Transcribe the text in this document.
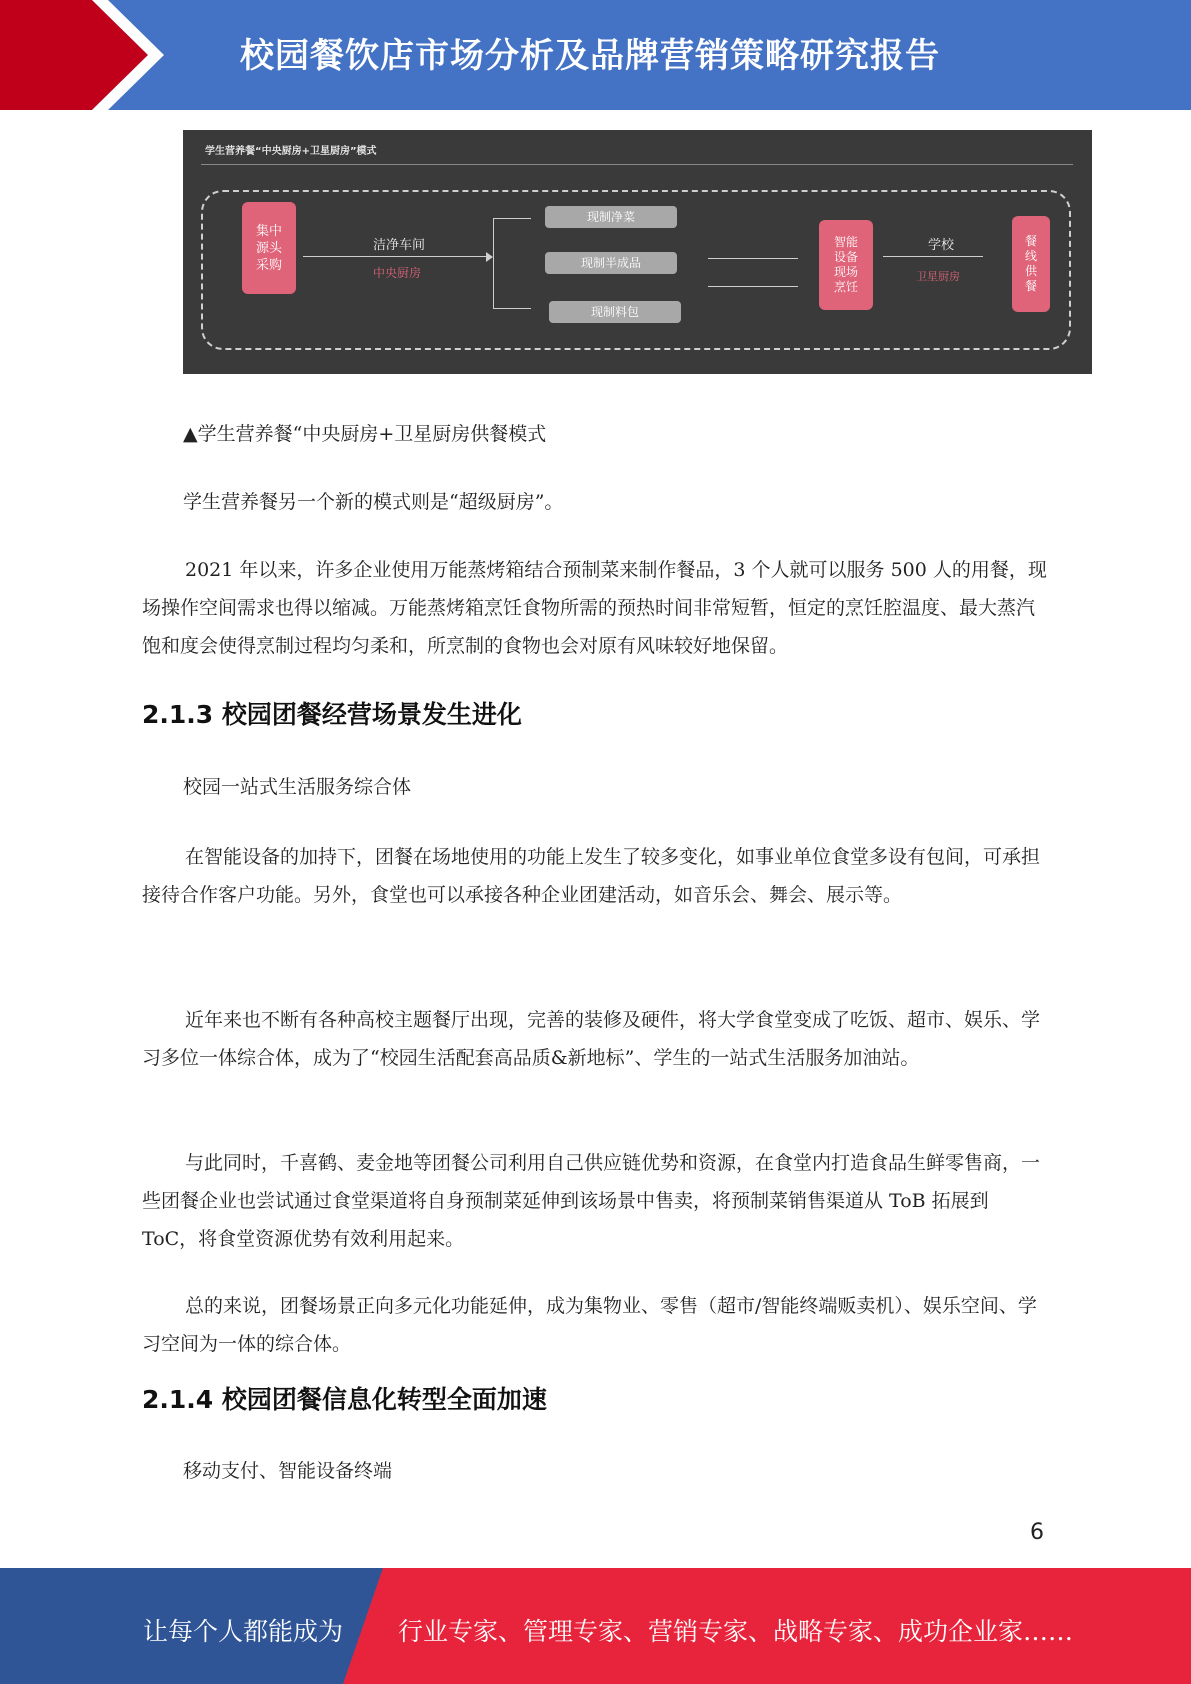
校园餐饮店市场分析及品牌营销策略研究报告
学生营养餐“中央厨房+卫星厨房”模式
集中
源头
采购
洁净车间
中央厨房
现制净菜
现制半成品
现制料包
智能
设备
现场
烹饪
学校
卫星厨房
餐
线
供
餐
▲学生营养餐“中央厨房+卫星厨房供餐模式
学生营养餐另一个新的模式则是“超级厨房”。
2021 年以来，许多企业使用万能蒸烤箱结合预制菜来制作餐品，3 个人就可以服务 500 人的用餐，现场操作空间需求也得以缩减。万能蒸烤箱烹饪食物所需的预热时间非常短暂，恒定的烹饪腔温度、最大蒸汽饱和度会使得烹制过程均匀柔和，所烹制的食物也会对原有风味较好地保留。
2.1.3 校园团餐经营场景发生进化
校园一站式生活服务综合体
在智能设备的加持下，团餐在场地使用的功能上发生了较多变化，如事业单位食堂多设有包间，可承担接待合作客户功能。另外，食堂也可以承接各种企业团建活动，如音乐会、舞会、展示等。
近年来也不断有各种高校主题餐厅出现，完善的装修及硬件，将大学食堂变成了吃饭、超市、娱乐、学习多位一体综合体，成为了“校园生活配套高品质&新地标”、学生的一站式生活服务加油站。
与此同时，千喜鹤、麦金地等团餐公司利用自己供应链优势和资源，在食堂内打造食品生鲜零售商，一些团餐企业也尝试通过食堂渠道将自身预制菜延伸到该场景中售卖，将预制菜销售渠道从 ToB 拓展到 ToC，将食堂资源优势有效利用起来。
总的来说，团餐场景正向多元化功能延伸，成为集物业、零售（超市/智能终端贩卖机）、娱乐空间、学习空间为一体的综合体。
2.1.4 校园团餐信息化转型全面加速
移动支付、智能设备终端
6
让每个人都能成为 行业专家、管理专家、营销专家、战略专家、成功企业家……
